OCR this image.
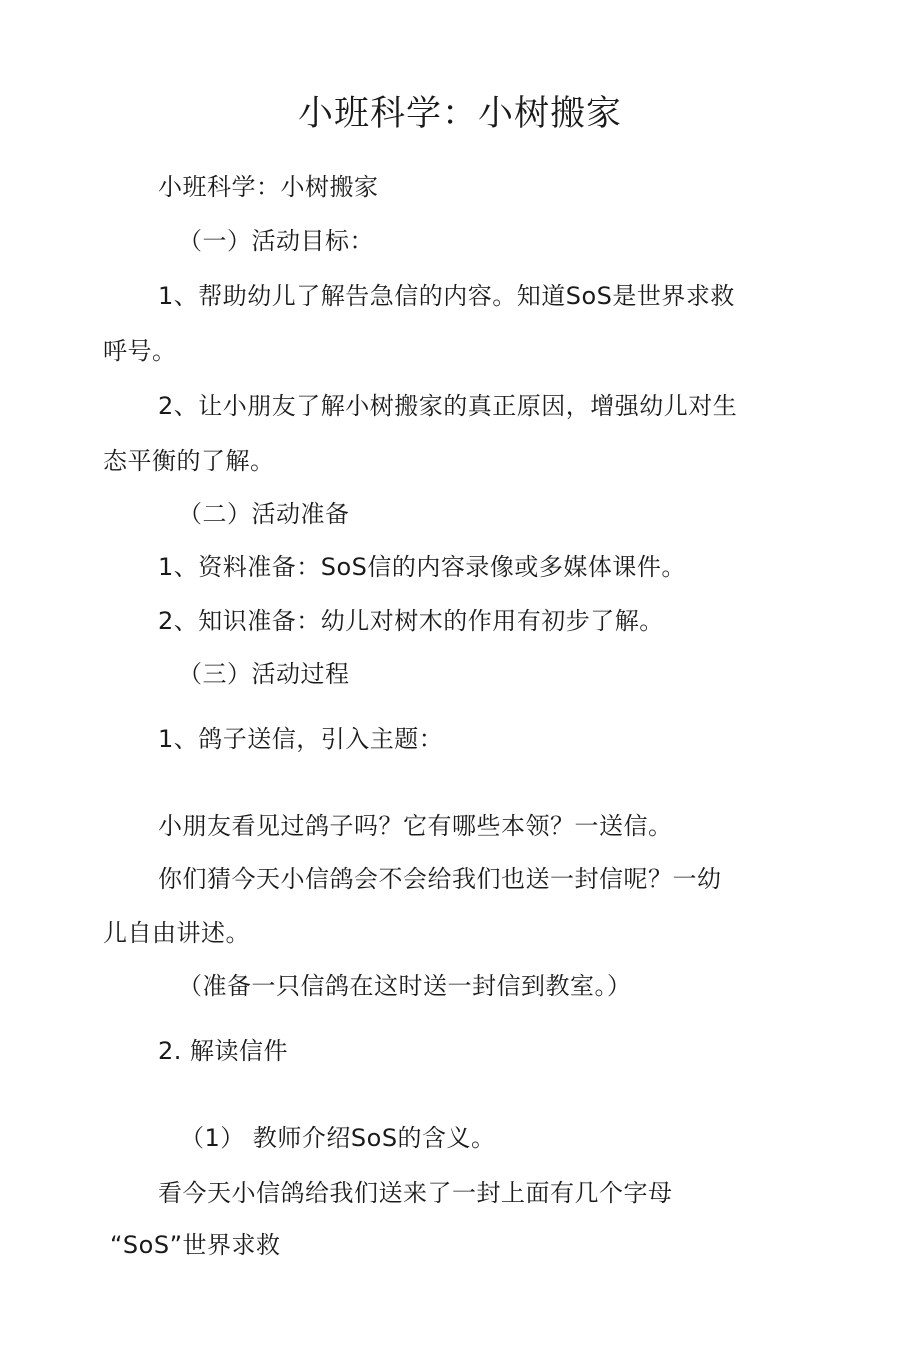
小班科学：小树搬家
小班科学：小树搬家
（一）活动目标：
1、帮助幼儿了解告急信的内容。知道SoS是世界求救
呼号。
2、让小朋友了解小树搬家的真正原因，增强幼儿对生
态平衡的了解。
（二）活动准备
1、资料准备：SoS信的内容录像或多媒体课件。
2、知识准备：幼儿对树木的作用有初步了解。
（三）活动过程
1、鸽子送信，引入主题：
小朋友看见过鸽子吗？它有哪些本领？一送信。
你们猜今天小信鸽会不会给我们也送一封信呢？一幼
儿自由讲述。
（准备一只信鸽在这时送一封信到教室。）
2. 解读信件
（1） 教师介绍SoS的含义。
看今天小信鸽给我们送来了一封上面有几个字母
“SoS”世界求救
